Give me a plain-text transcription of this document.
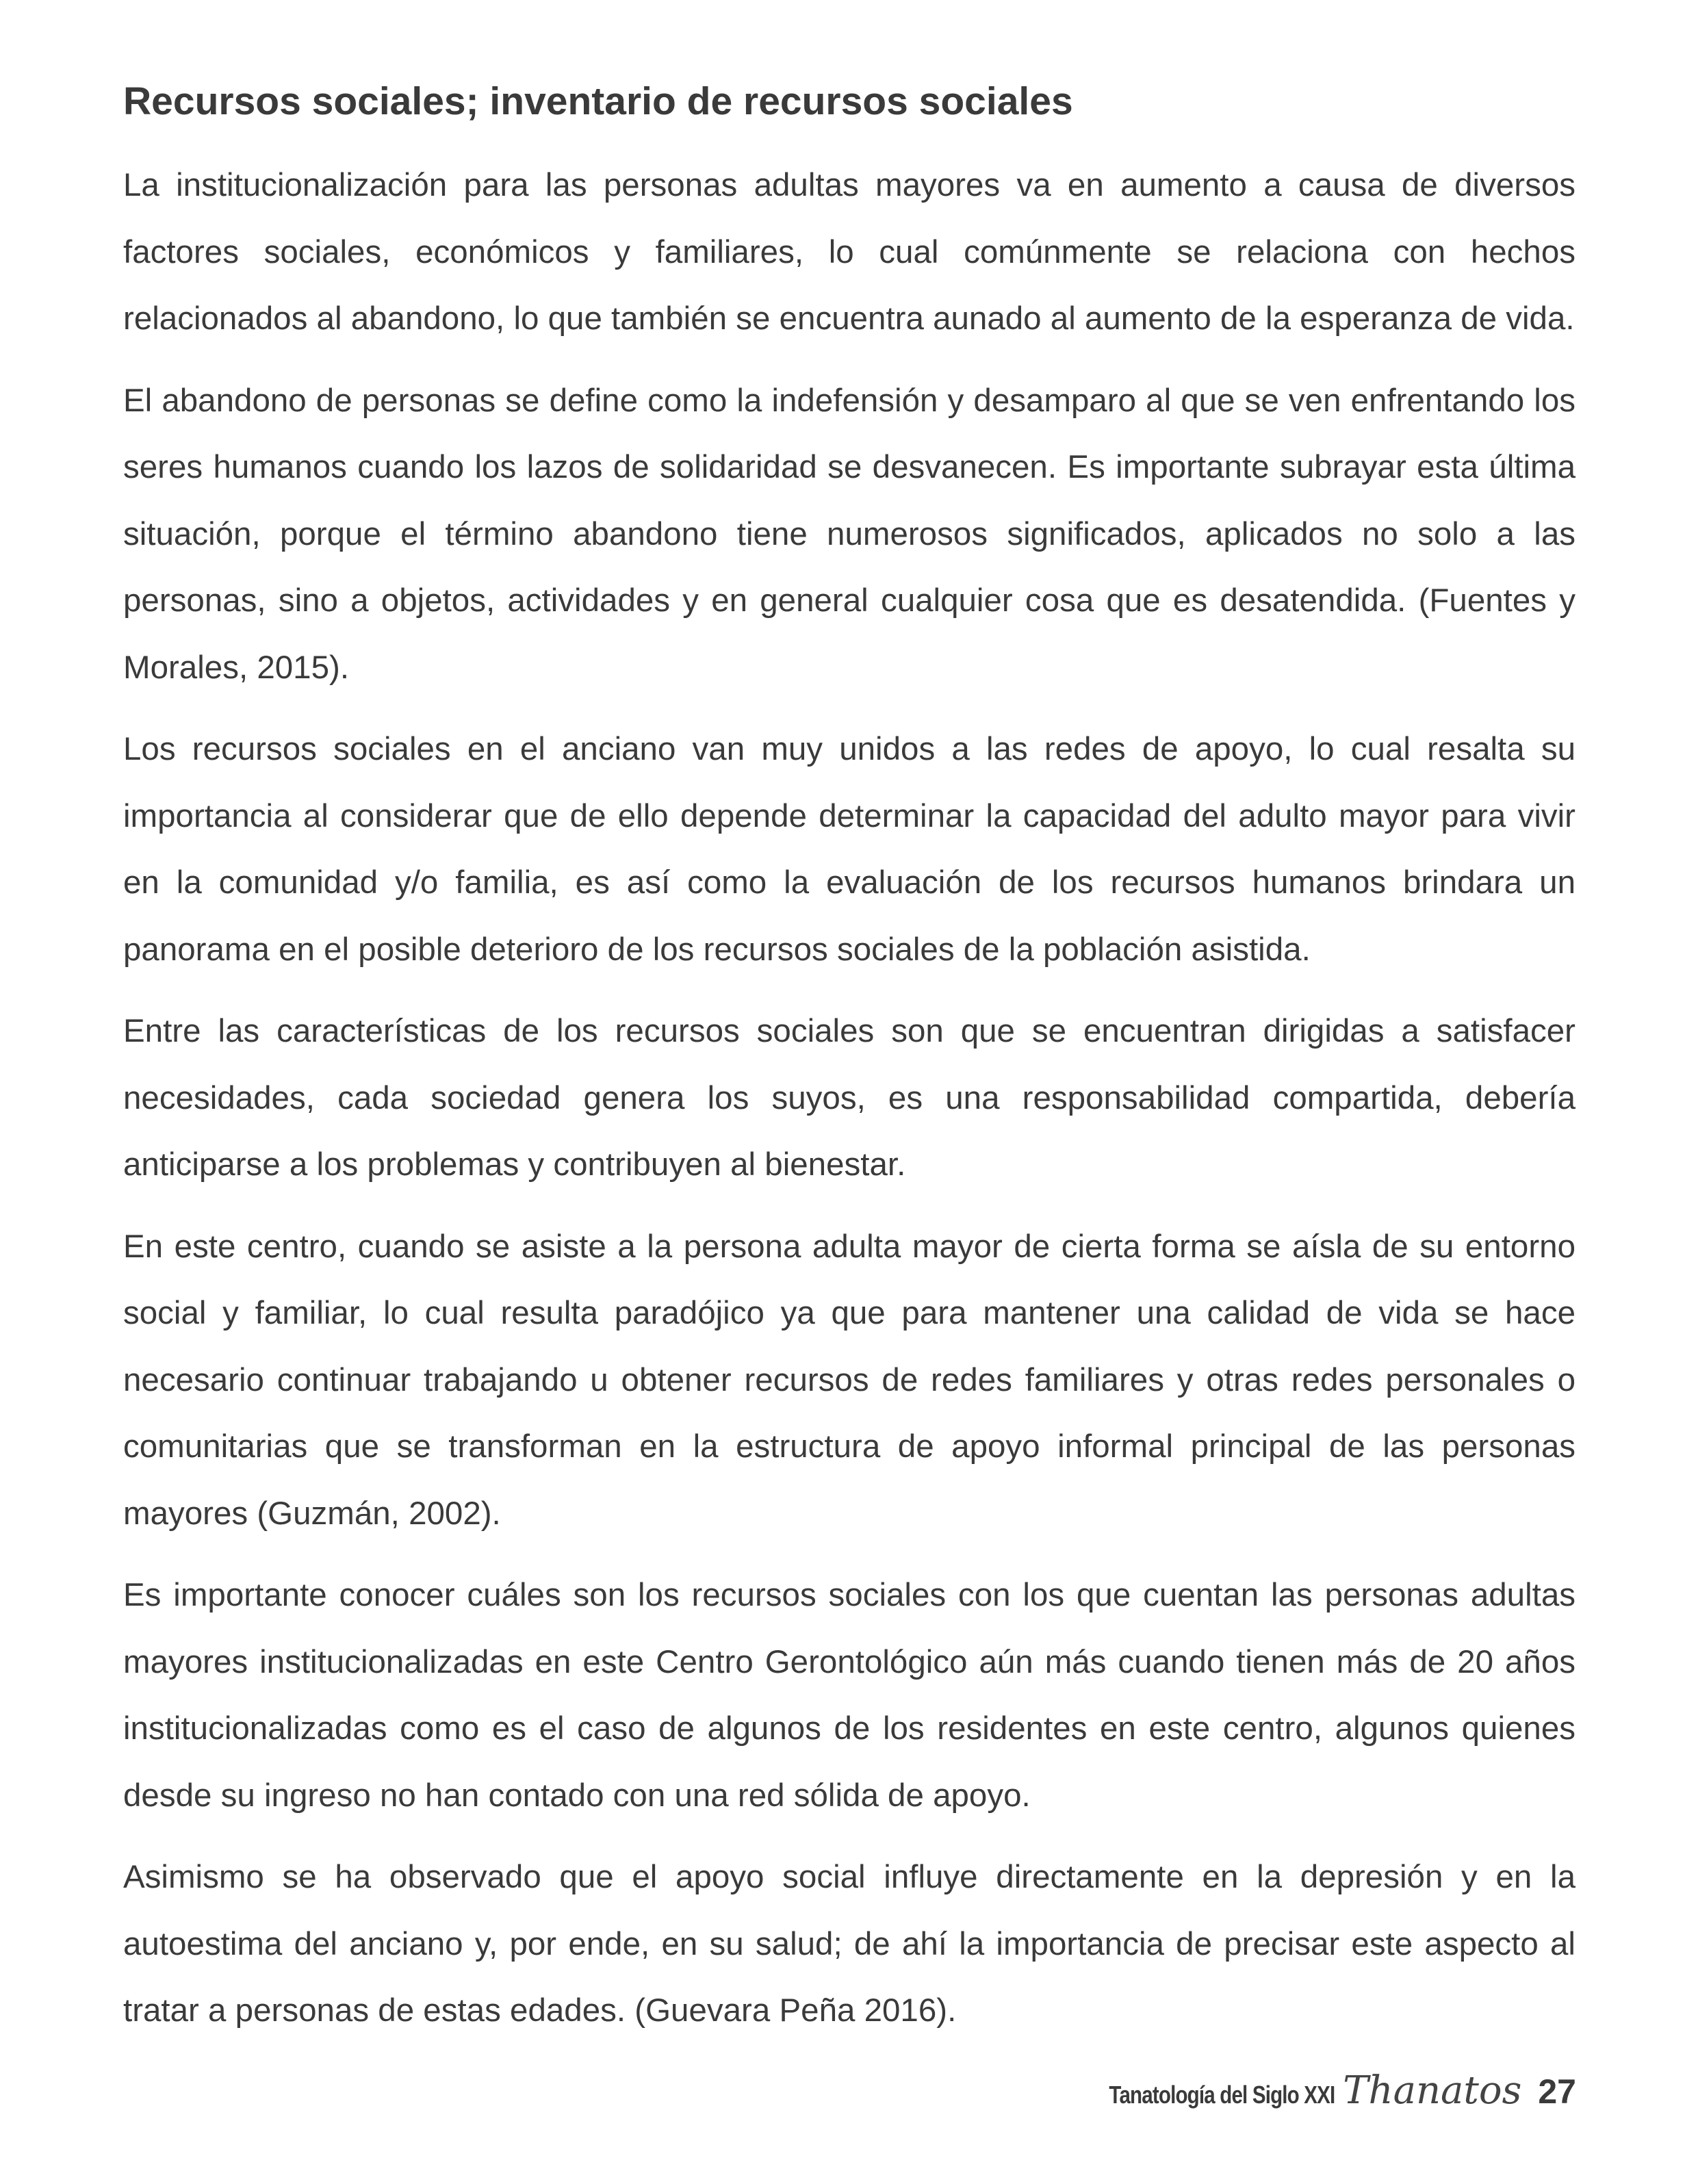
Recursos sociales; inventario de recursos sociales

La institucionalización para las personas adultas mayores va en aumento a causa de diversos factores sociales, económicos y familiares, lo cual comúnmente se relaciona con hechos relacionados al abandono, lo que también se encuentra aunado al aumento de la esperanza de vida.

El abandono de personas se define como la indefensión y desamparo al que se ven enfrentando los seres humanos cuando los lazos de solidaridad se desvanecen. Es importante subrayar esta última situación, porque el término abandono tiene numerosos significados, aplicados no solo a las personas, sino a objetos, actividades y en general cualquier cosa que es desatendida. (Fuentes y Morales, 2015).

Los recursos sociales en el anciano van muy unidos a las redes de apoyo, lo cual resalta su importancia al considerar que de ello depende determinar la capacidad del adulto mayor para vivir en la comunidad y/o familia, es así como la evaluación de los recursos humanos brindara un panorama en el posible deterioro de los recursos sociales de la población asistida.

Entre las características de los recursos sociales son que se encuentran dirigidas a satisfacer necesidades, cada sociedad genera los suyos, es una responsabilidad compartida, debería anticiparse a los problemas y contribuyen al bienestar.

En este centro, cuando se asiste a la persona adulta mayor de cierta forma se aísla de su entorno social y familiar, lo cual resulta paradójico ya que para mantener una calidad de vida se hace necesario continuar trabajando u obtener recursos de redes familiares y otras redes personales o comunitarias que se transforman en la estructura de apoyo informal principal de las personas mayores (Guzmán, 2002).

Es importante conocer cuáles son los recursos sociales con los que cuentan las personas adultas mayores institucionalizadas en este Centro Gerontológico aún más cuando tienen más de 20 años institucionalizadas como es el caso de algunos de los residentes en este centro, algunos quienes desde su ingreso no han contado con una red sólida de apoyo.

Asimismo se ha observado que el apoyo social influye directamente en la depresión y en la autoestima del anciano y, por ende, en su salud; de ahí la importancia de precisar este aspecto al tratar a personas de estas edades. (Guevara Peña 2016).

Tanatología del Siglo XXI Thanatos 27
